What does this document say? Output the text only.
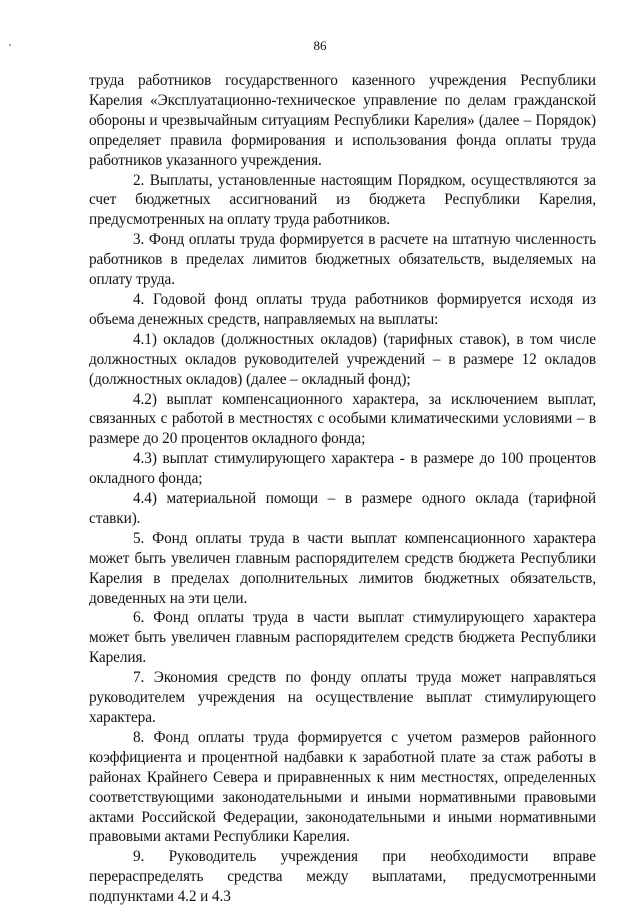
86

труда работников государственного казенного учреждения Республики Карелия «Эксплуатационно-техническое управление по делам гражданской обороны и чрезвычайным ситуациям Республики Карелия» (далее – Порядок) определяет правила формирования и использования фонда оплаты труда работников указанного учреждения.

2. Выплаты, установленные настоящим Порядком, осуществляются за счет бюджетных ассигнований из бюджета Республики Карелия, предусмотренных на оплату труда работников.

3. Фонд оплаты труда формируется в расчете на штатную численность работников в пределах лимитов бюджетных обязательств, выделяемых на оплату труда.

4. Годовой фонд оплаты труда работников формируется исходя из объема денежных средств, направляемых на выплаты:

4.1) окладов (должностных окладов) (тарифных ставок), в том числе должностных окладов руководителей учреждений – в размере 12 окладов (должностных окладов) (далее – окладный фонд);

4.2) выплат компенсационного характера, за исключением выплат, связанных с работой в местностях с особыми климатическими условиями – в размере до 20 процентов окладного фонда;

4.3) выплат стимулирующего характера - в размере до 100 процентов окладного фонда;

4.4) материальной помощи – в размере одного оклада (тарифной ставки).

5. Фонд оплаты труда в части выплат компенсационного характера может быть увеличен главным распорядителем средств бюджета Республики Карелия в пределах дополнительных лимитов бюджетных обязательств, доведенных на эти цели.

6. Фонд оплаты труда в части выплат стимулирующего характера может быть увеличен главным распорядителем средств бюджета Республики Карелия.

7. Экономия средств по фонду оплаты труда может направляться руководителем учреждения на осуществление выплат стимулирующего характера.

8. Фонд оплаты труда формируется с учетом размеров районного коэффициента и процентной надбавки к заработной плате за стаж работы в районах Крайнего Севера и приравненных к ним местностях, определенных соответствующими законодательными и иными нормативными правовыми актами Российской Федерации, законодательными и иными нормативными правовыми актами Республики Карелия.

9. Руководитель учреждения при необходимости вправе перераспределять средства между выплатами, предусмотренными подпунктами 4.2 и 4.3
